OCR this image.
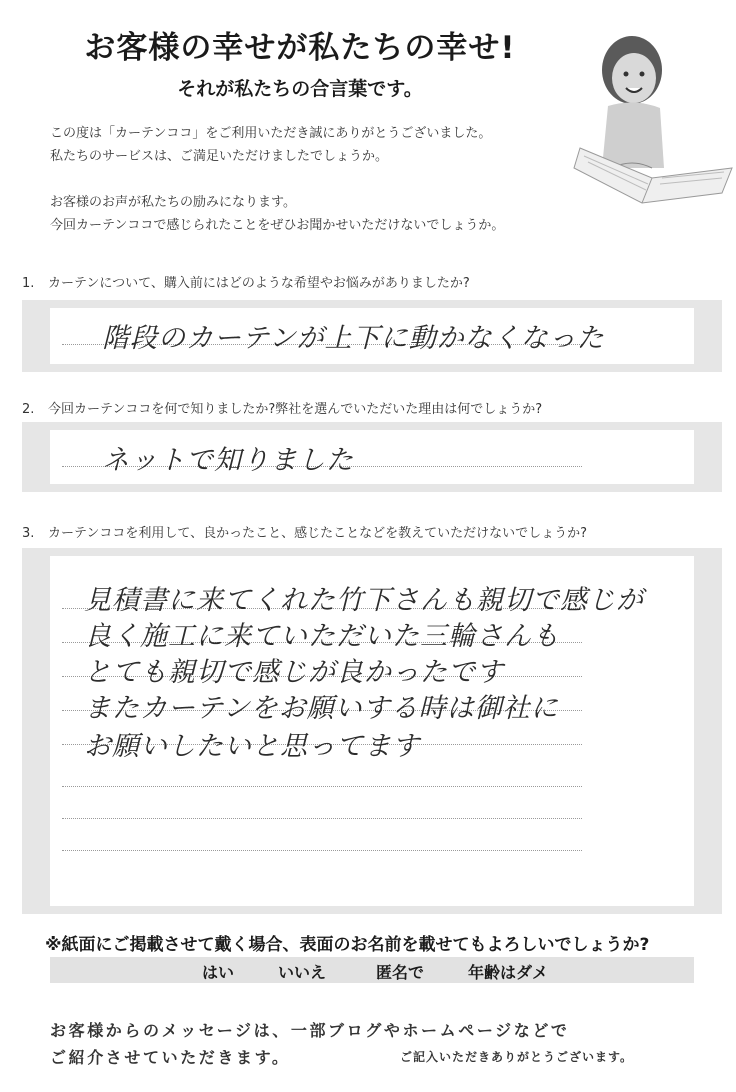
お客様の幸せが私たちの幸せ!
それが私たちの合言葉です。

この度は「カーテンココ」をご利用いただき誠にありがとうございました。

私たちのサービスは、ご満足いただけましたでしょうか。

お客様のお声が私たちの励みになります。

今回カーテンココで感じられたことをぜひお聞かせいただけないでしょうか。

1. カーテンについて、購入前にはどのような希望やお悩みがありましたか?
階段のカーテンが上下に動かなくなった
2. 今回カーテンココを何で知りましたか?弊社を選んでいただいた理由は何でしょうか?
ネットで知りました
3. カーテンココを利用して、良かったこと、感じたことなどを教えていただけないでしょうか?
見積書に来てくれた竹下さんも親切で感じが
良く施工に来ていただいた三輪さんも
とても親切で感じが良かったです
またカーテンをお願いする時は御社に
お願いしたいと思ってます
※紙面にご掲載させて戴く場合、表面のお名前を載せてもよろしいでしょうか?
はい	いいえ	匿名で	年齢はダメ
お客様からのメッセージは、一部ブログやホームページなどで
ご紹介させていただきます。	ご記入いただきありがとうございます。
